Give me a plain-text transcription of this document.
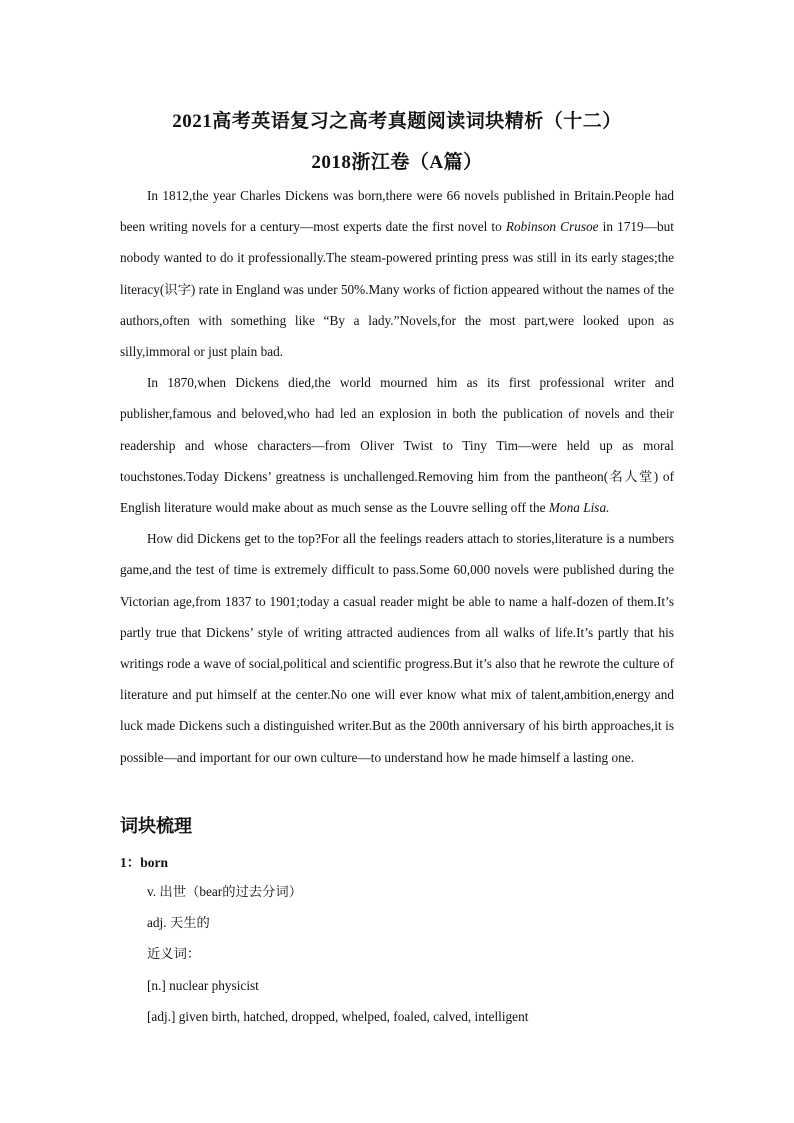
2021高考英语复习之高考真题阅读词块精析（十二）
2018浙江卷（A篇）

In 1812,the year Charles Dickens was born,there were 66 novels published in Britain.People had been writing novels for a century—most experts date the first novel to Robinson Crusoe in 1719—but nobody wanted to do it professionally.The steam-powered printing press was still in its early stages;the literacy(识字) rate in England was under 50%.Many works of fiction appeared without the names of the authors,often with something like “By a lady.”Novels,for the most part,were looked upon as silly,immoral or just plain bad.

In 1870,when Dickens died,the world mourned him as its first professional writer and publisher,famous and beloved,who had led an explosion in both the publication of novels and their readership and whose characters—from Oliver Twist to Tiny Tim—were held up as moral touchstones.Today Dickens’ greatness is unchallenged.Removing him from the pantheon(名人堂) of English literature would make about as much sense as the Louvre selling off the Mona Lisa.

How did Dickens get to the top?For all the feelings readers attach to stories,literature is a numbers game,and the test of time is extremely difficult to pass.Some 60,000 novels were published during the Victorian age,from 1837 to 1901;today a casual reader might be able to name a half-dozen of them.It’s partly true that Dickens’ style of writing attracted audiences from all walks of life.It’s partly that his writings rode a wave of social,political and scientific progress.But it’s also that he rewrote the culture of literature and put himself at the center.No one will ever know what mix of talent,ambition,energy and luck made Dickens such a distinguished writer.But as the 200th anniversary of his birth approaches,it is possible—and important for our own culture—to understand how he made himself a lasting one.

词块梳理
1：born
v. 出世（bear的过去分词）
adj. 天生的
近义词：
[n.] nuclear physicist
[adj.] given birth, hatched, dropped, whelped, foaled, calved, intelligent
